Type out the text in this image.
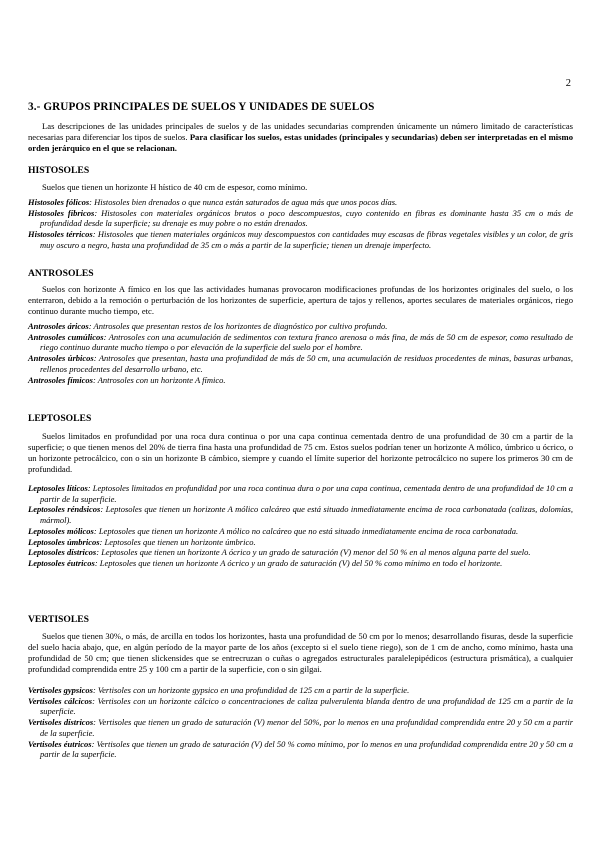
2
3.- GRUPOS PRINCIPALES DE SUELOS Y UNIDADES DE SUELOS

Las descripciones de las unidades principales de suelos y de las unidades secundarias comprenden únicamente un número limitado de características necesarias para diferenciar los tipos de suelos. Para clasificar los suelos, estas unidades (principales y secundarias) deben ser interpretadas en el mismo orden jerárquico en el que se relacionan.

HISTOSOLES

Suelos que tienen un horizonte H hístico de 40 cm de espesor, como mínimo.

Histosoles fólicos: Histosoles bien drenados o que nunca están saturados de agua más que unos pocos días.
Histosoles fíbricos: Histosoles con materiales orgánicos brutos o poco descompuestos, cuyo contenido en fibras es dominante hasta 35 cm o más de profundidad desde la superficie; su drenaje es muy pobre o no están drenados.
Histosoles térricos: Histosoles que tienen materiales orgánicos muy descompuestos con cantidades muy escasas de fibras vegetales visibles y un color, de gris muy oscuro a negro, hasta una profundidad de 35 cm o más a partir de la superficie; tienen un drenaje imperfecto.
ANTROSOLES

Suelos con horizonte A fímico en los que las actividades humanas provocaron modificaciones profundas de los horizontes originales del suelo, o los enterraron, debido a la remoción o perturbación de los horizontes de superficie, apertura de tajos y rellenos, aportes seculares de materiales orgánicos, riego continuo durante mucho tiempo, etc.

Antrosoles áricos: Antrosoles que presentan restos de los horizontes de diagnóstico por cultivo profundo.
Antrosoles cumúlicos: Antrosoles con una acumulación de sedimentos con textura franco arenosa o más fina, de más de 50 cm de espesor, como resultado de riego continuo durante mucho tiempo o por elevación de la superficie del suelo por el hombre.
Antrosoles úrbicos: Antrosoles que presentan, hasta una profundidad de más de 50 cm, una acumulación de residuos procedentes de minas, basuras urbanas, rellenos procedentes del desarrollo urbano, etc.
Antrosoles fímicos: Antrosoles con un horizonte A fímico.
LEPTOSOLES

Suelos limitados en profundidad por una roca dura continua o por una capa continua cementada dentro de una profundidad de 30 cm a partir de la superficie; o que tienen menos del 20% de tierra fina hasta una profundidad de 75 cm. Estos suelos podrían tener un horizonte A mólico, úmbrico u ócrico, o un horizonte petrocálcico, con o sin un horizonte B cámbico, siempre y cuando el límite superior del horizonte petrocálcico no supere los primeros 30 cm de profundidad.

Leptosoles líticos: Leptosoles limitados en profundidad por una roca continua dura o por una capa continua, cementada dentro de una profundidad de 10 cm a partir de la superficie.
Leptosoles réndsicos: Leptosoles que tienen un horizonte A mólico calcáreo que está situado inmediatamente encima de roca carbonatada (calizas, dolomías, mármol).
Leptosoles mólicos: Leptosoles que tienen un horizonte A mólico no calcáreo que no está situado inmediatamente encima de roca carbonatada.
Leptosoles úmbricos: Leptosoles que tienen un horizonte úmbrico.
Leptosoles dístricos: Leptosoles que tienen un horizonte A ócrico y un grado de saturación (V) menor del 50 % en al menos alguna parte del suelo.
Leptosoles éutricos: Leptosoles que tienen un horizonte A ócrico y un grado de saturación (V) del 50 % como mínimo en todo el horizonte.
VERTISOLES

Suelos que tienen 30%, o más, de arcilla en todos los horizontes, hasta una profundidad de 50 cm por lo menos; desarrollando fisuras, desde la superficie del suelo hacia abajo, que, en algún período de la mayor parte de los años (excepto si el suelo tiene riego), son de 1 cm de ancho, como mínimo, hasta una profundidad de 50 cm; que tienen slickensides que se entrecruzan o cuñas o agregados estructurales paralelepipédicos (estructura prismática), a cualquier profundidad comprendida entre 25 y 100 cm a partir de la superficie, con o sin gilgai.

Vertisoles gypsicos: Vertisoles con un horizonte gypsico en una profundidad de 125 cm a partir de la superficie.
Vertisoles cálcicos: Vertisoles con un horizonte cálcico o concentraciones de caliza pulverulenta blanda dentro de una profundidad de 125 cm a partir de la superficie.
Vertisoles dístricos: Vertisoles que tienen un grado de saturación (V) menor del 50%, por lo menos en una profundidad comprendida entre 20 y 50 cm a partir de la superficie.
Vertisoles éutricos: Vertisoles que tienen un grado de saturación (V) del 50 % como mínimo, por lo menos en una profundidad comprendida entre 20 y 50 cm a partir de la superficie.
